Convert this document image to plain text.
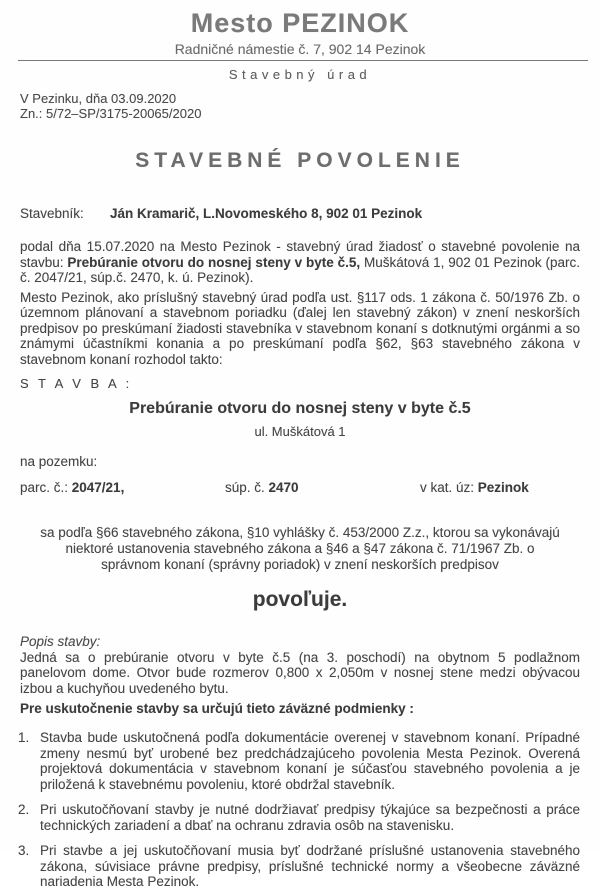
Mesto PEZINOK
Radničné námestie č. 7, 902 14 Pezinok
Stavebný úrad
V Pezinku, dňa 03.09.2020
Zn.: 5/72–SP/3175-20065/2020
STAVEBNÉ POVOLENIE
Stavebník: Ján Kramarič, L.Novomeského 8, 902 01 Pezinok

podal dňa 15.07.2020 na Mesto Pezinok - stavebný úrad žiadosť o stavebné povolenie na stavbu: Prebúranie otvoru do nosnej steny v byte č.5, Muškátová 1, 902 01 Pezinok (parc. č. 2047/21, súp.č. 2470, k. ú. Pezinok).

Mesto Pezinok, ako príslušný stavebný úrad podľa ust. §117 ods. 1 zákona č. 50/1976 Zb. o územnom plánovaní a stavebnom poriadku (ďalej len stavebný zákon) v znení neskorších predpisov po preskúmaní žiadosti stavebníka v stavebnom konaní s dotknutými orgánmi a so známymi účastníkmi konania a po preskúmaní podľa §62, §63 stavebného zákona v stavebnom konaní rozhodol takto:

S T A V B A :
Prebúranie otvoru do nosnej steny v byte č.5
ul. Muškátová 1
na pozemku:
parc. č.: 2047/21,	súp. č. 2470	v kat. úz: Pezinok

sa podľa §66 stavebného zákona, §10 vyhlášky č. 453/2000 Z.z., ktorou sa vykonávajú niektoré ustanovenia stavebného zákona a §46 a §47 zákona č. 71/1967 Zb. o správnom konaní (správny poriadok) v znení neskorších predpisov

povoľuje.
Popis stavby:

Jedná sa o prebúranie otvoru v byte č.5 (na 3. poschodí) na obytnom 5 podlažnom panelovom dome. Otvor bude rozmerov 0,800 x 2,050m v nosnej stene medzi obývacou izbou a kuchyňou uvedeného bytu.

Pre uskutočnenie stavby sa určujú tieto záväzné podmienky :
1. Stavba bude uskutočnená podľa dokumentácie overenej v stavebnom konaní. Prípadné zmeny nesmú byť urobené bez predchádzajúceho povolenia Mesta Pezinok. Overená projektová dokumentácia v stavebnom konaní je súčasťou stavebného povolenia a je priložená k stavebnému povoleniu, ktoré obdržal stavebník.
2. Pri uskutočňovaní stavby je nutné dodržiavať predpisy týkajúce sa bezpečnosti a práce technických zariadení a dbať na ochranu zdravia osôb na stavenisku.
3. Pri stavbe a jej uskutočňovaní musia byť dodržané príslušné ustanovenia stavebného zákona, súvisiace právne predpisy, príslušné technické normy a všeobecne záväzné nariadenia Mesta Pezinok.
